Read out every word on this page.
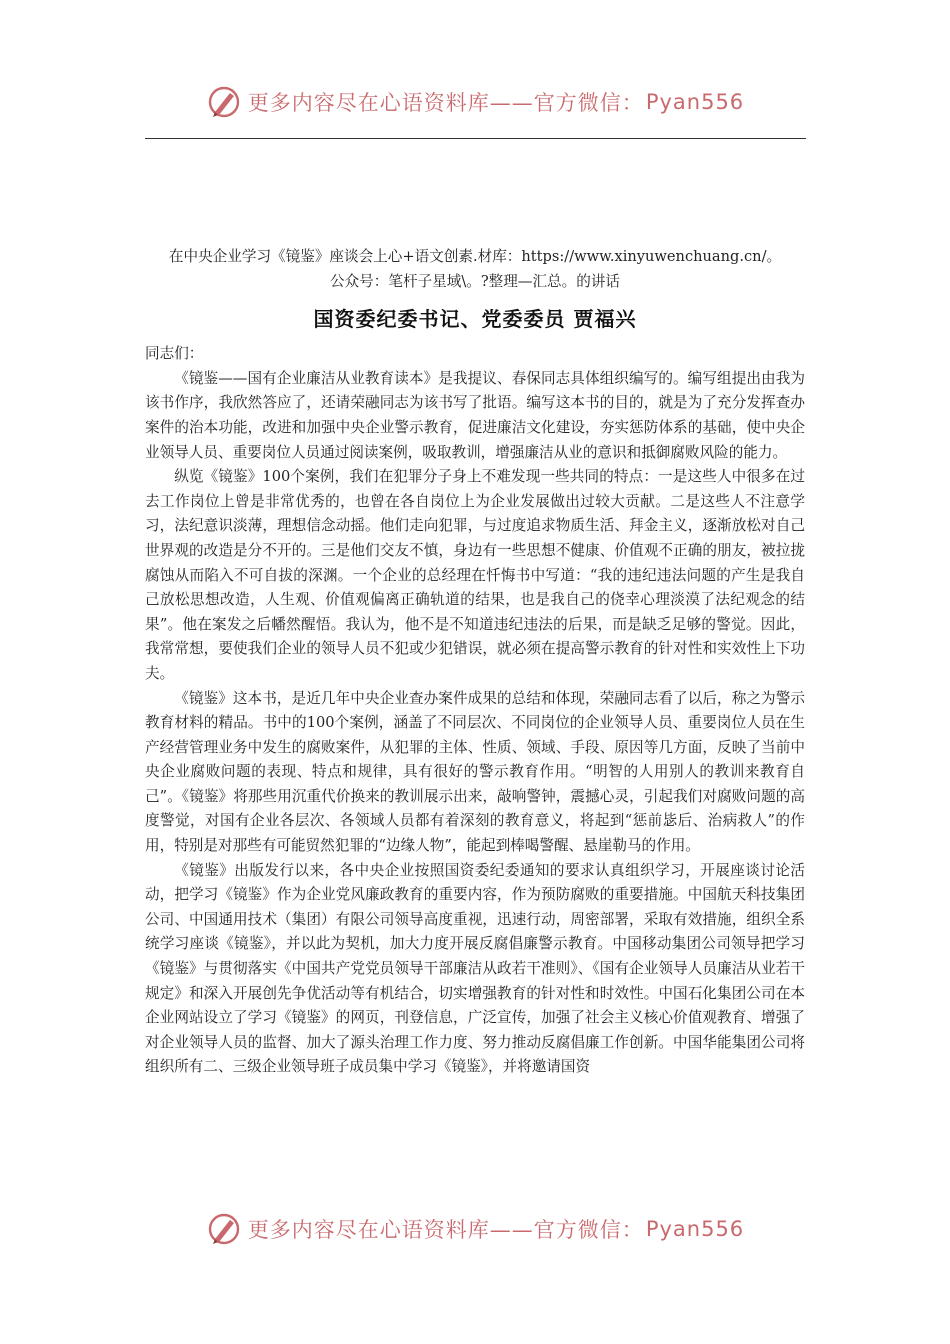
更多内容尽在心语资料库——官方微信： Pyan556

在中央企业学习《镜鉴》座谈会上心+语文创素.材库：https://www.xinyuwenchuang.cn/。

公众号：笔杆子星域\。?整理—汇总。的讲话

国资委纪委书记、党委委员 贾福兴

同志们：

《镜鉴——国有企业廉洁从业教育读本》是我提议、春保同志具体组织编写的。编写组提出由我为该书作序，我欣然答应了，还请荣融同志为该书写了批语。编写这本书的目的，就是为了充分发挥查办案件的治本功能，改进和加强中央企业警示教育，促进廉洁文化建设，夯实惩防体系的基础，使中央企业领导人员、重要岗位人员通过阅读案例，吸取教训，增强廉洁从业的意识和抵御腐败风险的能力。

纵览《镜鉴》100个案例，我们在犯罪分子身上不难发现一些共同的特点：一是这些人中很多在过去工作岗位上曾是非常优秀的，也曾在各自岗位上为企业发展做出过较大贡献。二是这些人不注意学习，法纪意识淡薄，理想信念动摇。他们走向犯罪，与过度追求物质生活、拜金主义，逐渐放松对自己世界观的改造是分不开的。三是他们交友不慎，身边有一些思想不健康、价值观不正确的朋友，被拉拢腐蚀从而陷入不可自拔的深渊。一个企业的总经理在忏悔书中写道：“我的违纪违法问题的产生是我自己放松思想改造，人生观、价值观偏离正确轨道的结果，也是我自己的侥幸心理淡漠了法纪观念的结果”。他在案发之后幡然醒悟。我认为，他不是不知道违纪违法的后果，而是缺乏足够的警觉。因此，我常常想，要使我们企业的领导人员不犯或少犯错误，就必须在提高警示教育的针对性和实效性上下功夫。

《镜鉴》这本书，是近几年中央企业查办案件成果的总结和体现，荣融同志看了以后，称之为警示教育材料的精品。书中的100个案例，涵盖了不同层次、不同岗位的企业领导人员、重要岗位人员在生产经营管理业务中发生的腐败案件，从犯罪的主体、性质、领域、手段、原因等几方面，反映了当前中央企业腐败问题的表现、特点和规律，具有很好的警示教育作用。“明智的人用别人的教训来教育自己”。《镜鉴》将那些用沉重代价换来的教训展示出来，敲响警钟，震撼心灵，引起我们对腐败问题的高度警觉，对国有企业各层次、各领域人员都有着深刻的教育意义，将起到“惩前毖后、治病救人”的作用，特别是对那些有可能贸然犯罪的“边缘人物”，能起到棒喝警醒、悬崖勒马的作用。

《镜鉴》出版发行以来，各中央企业按照国资委纪委通知的要求认真组织学习，开展座谈讨论活动，把学习《镜鉴》作为企业党风廉政教育的重要内容，作为预防腐败的重要措施。中国航天科技集团公司、中国通用技术（集团）有限公司领导高度重视，迅速行动，周密部署，采取有效措施，组织全系统学习座谈《镜鉴》，并以此为契机，加大力度开展反腐倡廉警示教育。中国移动集团公司领导把学习《镜鉴》与贯彻落实《中国共产党党员领导干部廉洁从政若干准则》、《国有企业领导人员廉洁从业若干规定》和深入开展创先争优活动等有机结合，切实增强教育的针对性和时效性。中国石化集团公司在本企业网站设立了学习《镜鉴》的网页，刊登信息，广泛宣传，加强了社会主义核心价值观教育、增强了对企业领导人员的监督、加大了源头治理工作力度、努力推动反腐倡廉工作创新。中国华能集团公司将组织所有二、三级企业领导班子成员集中学习《镜鉴》，并将邀请国资

更多内容尽在心语资料库——官方微信： Pyan556
